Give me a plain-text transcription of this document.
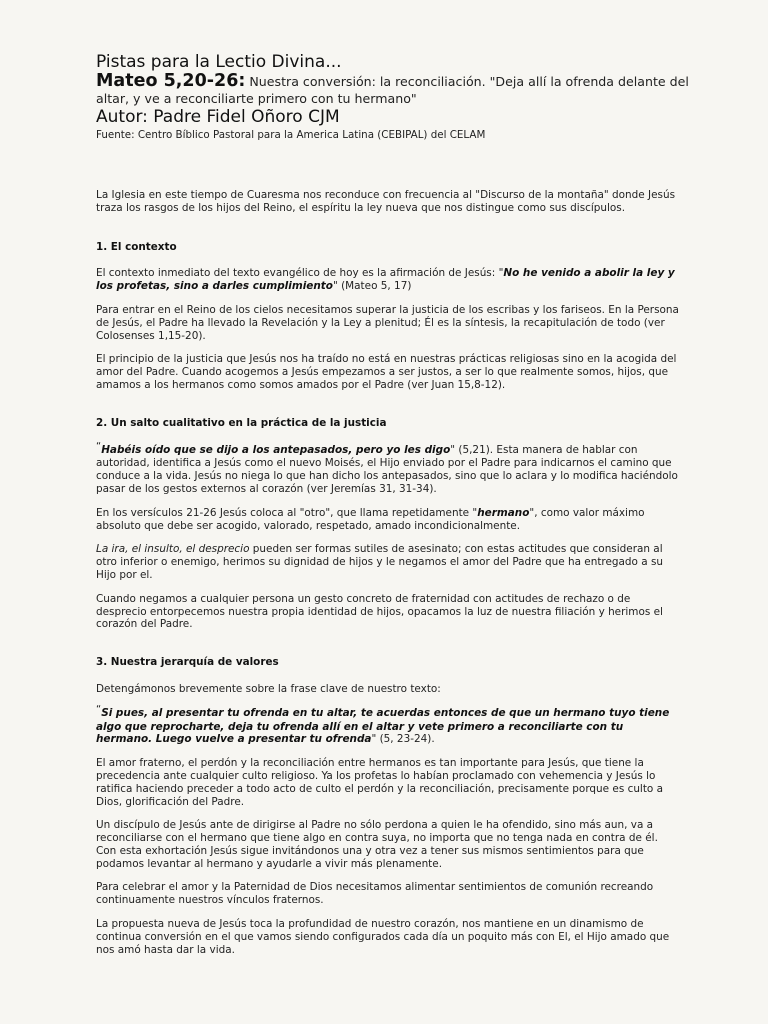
Pistas para la Lectio Divina...
Mateo 5,20-26: Nuestra conversión: la reconciliación. "Deja allí la ofrenda delante del altar, y ve a reconciliarte primero con tu hermano"
Autor: Padre Fidel Oñoro CJM
Fuente: Centro Bíblico Pastoral para la America Latina (CEBIPAL) del CELAM

La Iglesia en este tiempo de Cuaresma nos reconduce con frecuencia al "Discurso de la montaña" donde Jesús traza los rasgos de los hijos del Reino, el espíritu la ley nueva que nos distingue como sus discípulos.

1. El contexto

El contexto inmediato del texto evangélico de hoy es la afirmación de Jesús: "No he venido a abolir la ley y los profetas, sino a darles cumplimiento" (Mateo 5, 17)

Para entrar en el Reino de los cielos necesitamos superar la justicia de los escribas y los fariseos. En la Persona de Jesús, el Padre ha llevado la Revelación y la Ley a plenitud; Él es la síntesis, la recapitulación de todo (ver Colosenses 1,15-20).

El principio de la justicia que Jesús nos ha traído no está en nuestras prácticas religiosas sino en la acogida del amor del Padre. Cuando acogemos a Jesús empezamos a ser justos, a ser lo que realmente somos, hijos, que amamos a los hermanos como somos amados por el Padre (ver Juan 15,8-12).

2. Un salto cualitativo en la práctica de la justicia

“Habéis oído que se dijo a los antepasados, pero yo les digo" (5,21). Esta manera de hablar con autoridad, identifica a Jesús como el nuevo Moisés, el Hijo enviado por el Padre para indicarnos el camino que conduce a la vida. Jesús no niega lo que han dicho los antepasados, sino que lo aclara y lo modifica haciéndolo pasar de los gestos externos al corazón (ver Jeremías 31, 31-34).

En los versículos 21-26 Jesús coloca al "otro", que llama repetidamente "hermano", como valor máximo absoluto que debe ser acogido, valorado, respetado, amado incondicionalmente.

La ira, el insulto, el desprecio pueden ser formas sutiles de asesinato; con estas actitudes que consideran al otro inferior o enemigo, herimos su dignidad de hijos y le negamos el amor del Padre que ha entregado a su Hijo por el.

Cuando negamos a cualquier persona un gesto concreto de fraternidad con actitudes de rechazo o de desprecio entorpecemos nuestra propia identidad de hijos, opacamos la luz de nuestra filiación y herimos el corazón del Padre.

3. Nuestra jerarquía de valores

Detengámonos brevemente sobre la frase clave de nuestro texto:

“Si pues, al presentar tu ofrenda en tu altar, te acuerdas entonces de que un hermano tuyo tiene algo que reprocharte, deja tu ofrenda allí en el altar y vete primero a reconciliarte con tu hermano. Luego vuelve a presentar tu ofrenda" (5, 23-24).

El amor fraterno, el perdón y la reconciliación entre hermanos es tan importante para Jesús, que tiene la precedencia ante cualquier culto religioso. Ya los profetas lo habían proclamado con vehemencia y Jesús lo ratifica haciendo preceder a todo acto de culto el perdón y la reconciliación, precisamente porque es culto a Dios, glorificación del Padre.

Un discípulo de Jesús ante de dirigirse al Padre no sólo perdona a quien le ha ofendido, sino más aun, va a reconciliarse con el hermano que tiene algo en contra suya, no importa que no tenga nada en contra de él. Con esta exhortación Jesús sigue invitándonos una y otra vez a tener sus mismos sentimientos para que podamos levantar al hermano y ayudarle a vivir más plenamente.

Para celebrar el amor y la Paternidad de Dios necesitamos alimentar sentimientos de comunión recreando continuamente nuestros vínculos fraternos.

La propuesta nueva de Jesús toca la profundidad de nuestro corazón, nos mantiene en un dinamismo de continua conversión en el que vamos siendo configurados cada día un poquito más con El, el Hijo amado que nos amó hasta dar la vida.
